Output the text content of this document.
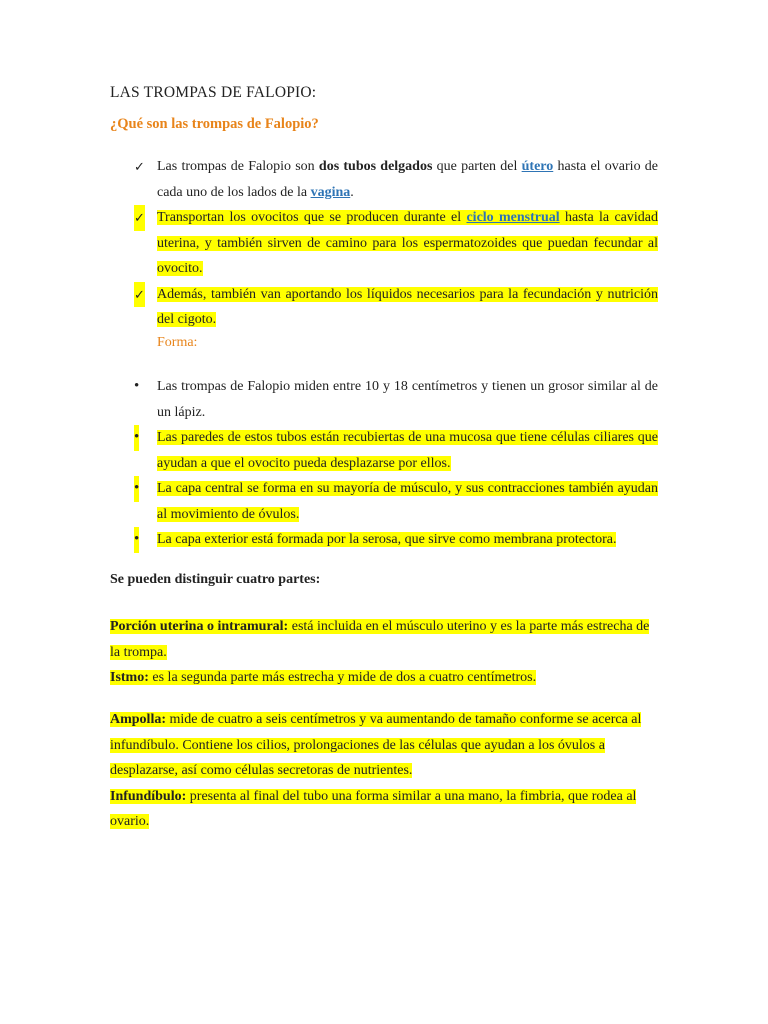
LAS TROMPAS DE FALOPIO:
¿Qué son las trompas de Falopio?
✓ Las trompas de Falopio son dos tubos delgados que parten del útero hasta el ovario de cada uno de los lados de la vagina.
✓ Transportan los ovocitos que se producen durante el ciclo menstrual hasta la cavidad uterina, y también sirven de camino para los espermatozoides que puedan fecundar al ovocito.
✓ Además, también van aportando los líquidos necesarios para la fecundación y nutrición del cigoto.
Forma:
• Las trompas de Falopio miden entre 10 y 18 centímetros y tienen un grosor similar al de un lápiz.
• Las paredes de estos tubos están recubiertas de una mucosa que tiene células ciliares que ayudan a que el ovocito pueda desplazarse por ellos.
• La capa central se forma en su mayoría de músculo, y sus contracciones también ayudan al movimiento de óvulos.
• La capa exterior está formada por la serosa, que sirve como membrana protectora.
Se pueden distinguir cuatro partes:

Porción uterina o intramural: está incluida en el músculo uterino y es la parte más estrecha de la trompa.
Istmo: es la segunda parte más estrecha y mide de dos a cuatro centímetros.

Ampolla: mide de cuatro a seis centímetros y va aumentando de tamaño conforme se acerca al infundíbulo. Contiene los cilios, prolongaciones de las células que ayudan a los óvulos a desplazarse, así como células secretoras de nutrientes.
Infundíbulo: presenta al final del tubo una forma similar a una mano, la fimbria, que rodea al ovario.
